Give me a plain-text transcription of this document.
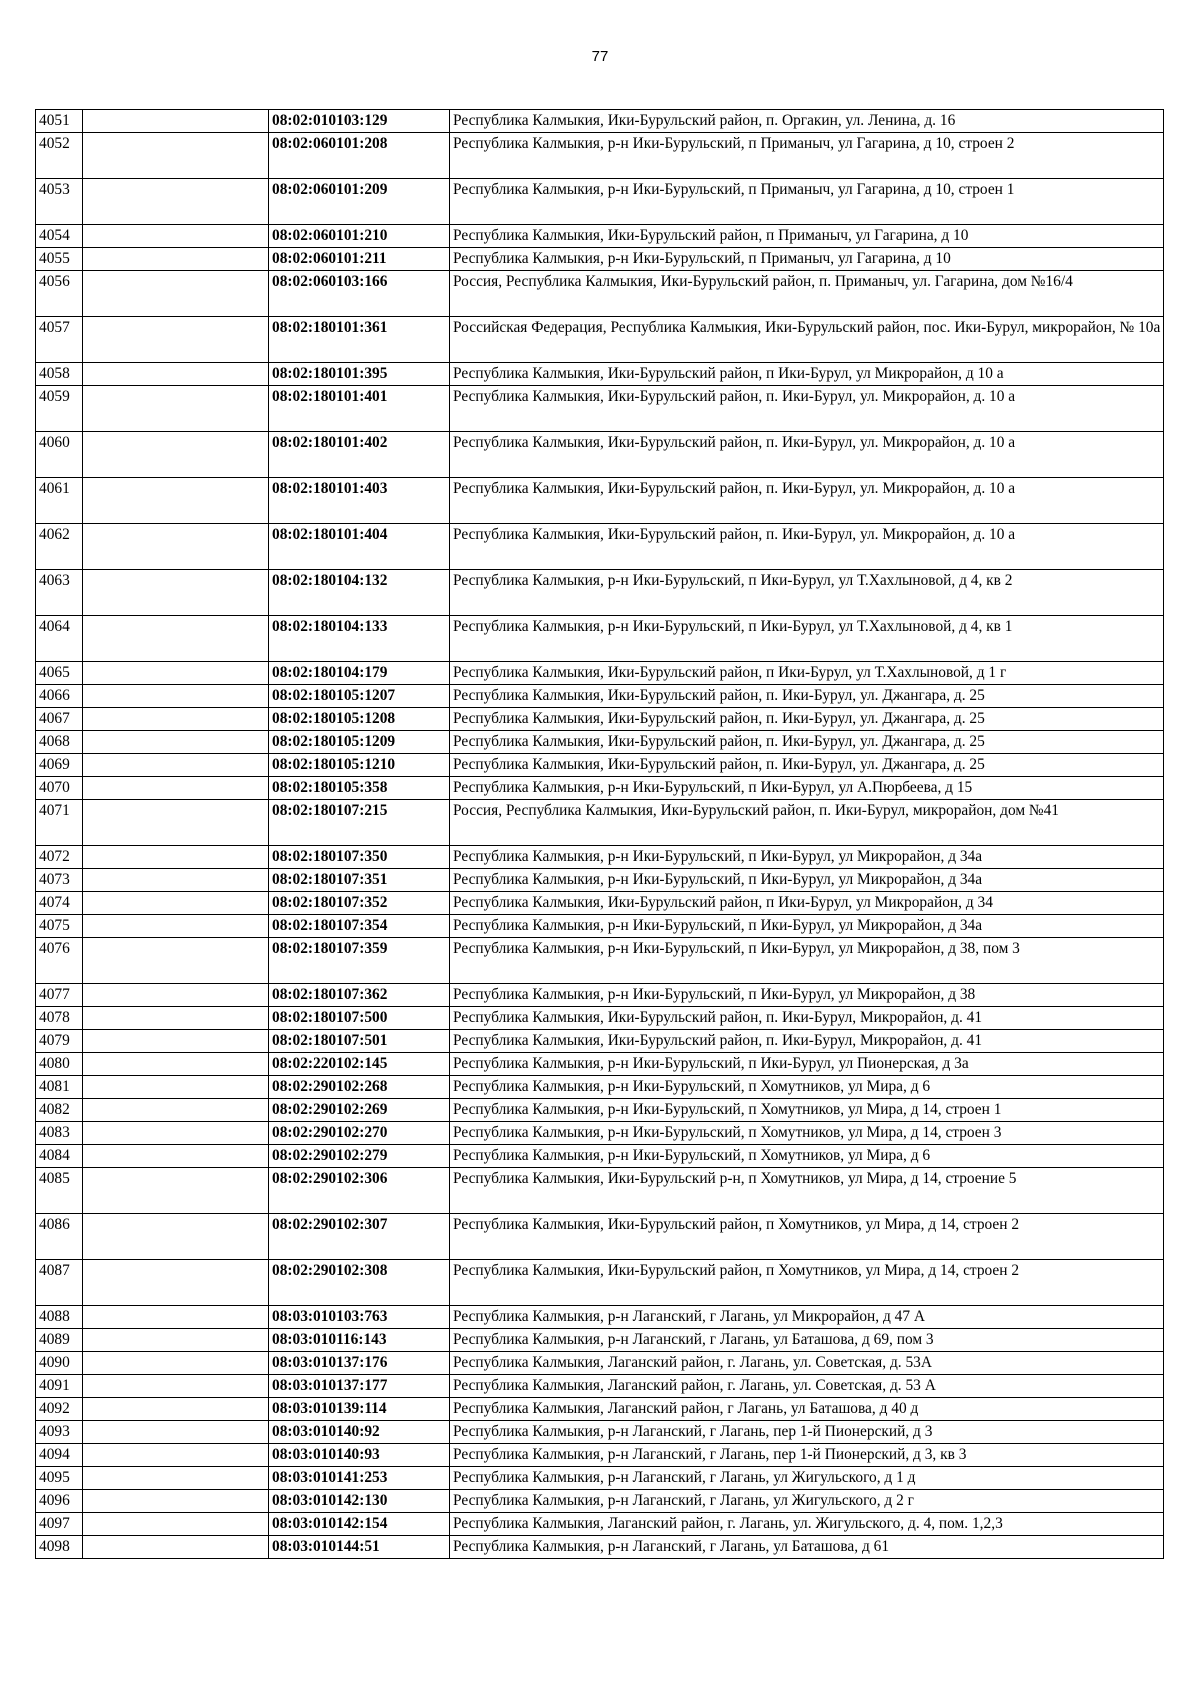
77
4051		08:02:010103:129	Республика Калмыкия, Ики-Бурульский район, п. Оргакин, ул. Ленина, д. 16
4052		08:02:060101:208	Республика Калмыкия, р-н Ики-Бурульский, п Приманыч, ул Гагарина, д 10, строен 2
4053		08:02:060101:209	Республика Калмыкия, р-н Ики-Бурульский, п Приманыч, ул Гагарина, д 10, строен 1
4054		08:02:060101:210	Республика Калмыкия, Ики-Бурульский район, п Приманыч, ул Гагарина, д 10
4055		08:02:060101:211	Республика Калмыкия, р-н Ики-Бурульский, п Приманыч, ул Гагарина, д 10
4056		08:02:060103:166	Россия, Республика Калмыкия, Ики-Бурульский район, п. Приманыч, ул. Гагарина, дом №16/4
4057		08:02:180101:361	Российская Федерация, Республика Калмыкия, Ики-Бурульский район, пос. Ики-Бурул, микрорайон, № 10а
4058		08:02:180101:395	Республика Калмыкия, Ики-Бурульский район, п Ики-Бурул, ул Микрорайон, д 10 а
4059		08:02:180101:401	Республика Калмыкия, Ики-Бурульский район, п. Ики-Бурул, ул. Микрорайон, д. 10 а
4060		08:02:180101:402	Республика Калмыкия, Ики-Бурульский район, п. Ики-Бурул, ул. Микрорайон, д. 10 а
4061		08:02:180101:403	Республика Калмыкия, Ики-Бурульский район, п. Ики-Бурул, ул. Микрорайон, д. 10 а
4062		08:02:180101:404	Республика Калмыкия, Ики-Бурульский район, п. Ики-Бурул, ул. Микрорайон, д. 10 а
4063		08:02:180104:132	Республика Калмыкия, р-н Ики-Бурульский, п Ики-Бурул, ул Т.Хахлыновой, д 4, кв 2
4064		08:02:180104:133	Республика Калмыкия, р-н Ики-Бурульский, п Ики-Бурул, ул Т.Хахлыновой, д 4, кв 1
4065		08:02:180104:179	Республика Калмыкия, Ики-Бурульский район, п Ики-Бурул, ул Т.Хахлыновой, д 1 г
4066		08:02:180105:1207	Республика Калмыкия, Ики-Бурульский район, п. Ики-Бурул, ул. Джангара, д. 25
4067		08:02:180105:1208	Республика Калмыкия, Ики-Бурульский район, п. Ики-Бурул, ул. Джангара, д. 25
4068		08:02:180105:1209	Республика Калмыкия, Ики-Бурульский район, п. Ики-Бурул, ул. Джангара, д. 25
4069		08:02:180105:1210	Республика Калмыкия, Ики-Бурульский район, п. Ики-Бурул, ул. Джангара, д. 25
4070		08:02:180105:358	Республика Калмыкия, р-н Ики-Бурульский, п Ики-Бурул, ул А.Пюрбеева, д 15
4071		08:02:180107:215	Россия, Республика Калмыкия, Ики-Бурульский район, п. Ики-Бурул, микрорайон, дом №41
4072		08:02:180107:350	Республика Калмыкия, р-н Ики-Бурульский, п Ики-Бурул, ул Микрорайон, д 34а
4073		08:02:180107:351	Республика Калмыкия, р-н Ики-Бурульский, п Ики-Бурул, ул Микрорайон, д 34а
4074		08:02:180107:352	Республика Калмыкия, Ики-Бурульский район, п Ики-Бурул, ул Микрорайон, д 34
4075		08:02:180107:354	Республика Калмыкия, р-н Ики-Бурульский, п Ики-Бурул, ул Микрорайон, д 34а
4076		08:02:180107:359	Республика Калмыкия, р-н Ики-Бурульский, п Ики-Бурул, ул Микрорайон, д 38, пом 3
4077		08:02:180107:362	Республика Калмыкия, р-н Ики-Бурульский, п Ики-Бурул, ул Микрорайон, д 38
4078		08:02:180107:500	Республика Калмыкия, Ики-Бурульский район, п. Ики-Бурул, Микрорайон, д. 41
4079		08:02:180107:501	Республика Калмыкия, Ики-Бурульский район, п. Ики-Бурул, Микрорайон, д. 41
4080		08:02:220102:145	Республика Калмыкия, р-н Ики-Бурульский, п Ики-Бурул, ул Пионерская, д 3а
4081		08:02:290102:268	Республика Калмыкия, р-н Ики-Бурульский, п Хомутников, ул Мира, д 6
4082		08:02:290102:269	Республика Калмыкия, р-н Ики-Бурульский, п Хомутников, ул Мира, д 14, строен 1
4083		08:02:290102:270	Республика Калмыкия, р-н Ики-Бурульский, п Хомутников, ул Мира, д 14, строен 3
4084		08:02:290102:279	Республика Калмыкия, р-н Ики-Бурульский, п Хомутников, ул Мира, д 6
4085		08:02:290102:306	Республика Калмыкия, Ики-Бурульский р-н, п Хомутников, ул Мира, д 14, строение 5
4086		08:02:290102:307	Республика Калмыкия, Ики-Бурульский район, п Хомутников, ул Мира, д 14, строен 2
4087		08:02:290102:308	Республика Калмыкия, Ики-Бурульский район, п Хомутников, ул Мира, д 14, строен 2
4088		08:03:010103:763	Республика Калмыкия, р-н Лаганский, г Лагань, ул Микрорайон, д 47 А
4089		08:03:010116:143	Республика Калмыкия, р-н Лаганский, г Лагань, ул Баташова, д 69, пом 3
4090		08:03:010137:176	Республика Калмыкия, Лаганский район, г. Лагань, ул. Советская, д. 53А
4091		08:03:010137:177	Республика Калмыкия, Лаганский район, г. Лагань, ул. Советская, д. 53 А
4092		08:03:010139:114	Республика Калмыкия, Лаганский район, г Лагань, ул Баташова, д 40 д
4093		08:03:010140:92	Республика Калмыкия, р-н Лаганский, г Лагань, пер 1-й Пионерский, д 3
4094		08:03:010140:93	Республика Калмыкия, р-н Лаганский, г Лагань, пер 1-й Пионерский, д 3, кв 3
4095		08:03:010141:253	Республика Калмыкия, р-н Лаганский, г Лагань, ул Жигульского, д 1 д
4096		08:03:010142:130	Республика Калмыкия, р-н Лаганский, г Лагань, ул Жигульского, д 2 г
4097		08:03:010142:154	Республика Калмыкия, Лаганский район, г. Лагань, ул. Жигульского, д. 4, пом. 1,2,3
4098		08:03:010144:51	Республика Калмыкия, р-н Лаганский, г Лагань, ул Баташова, д 61
